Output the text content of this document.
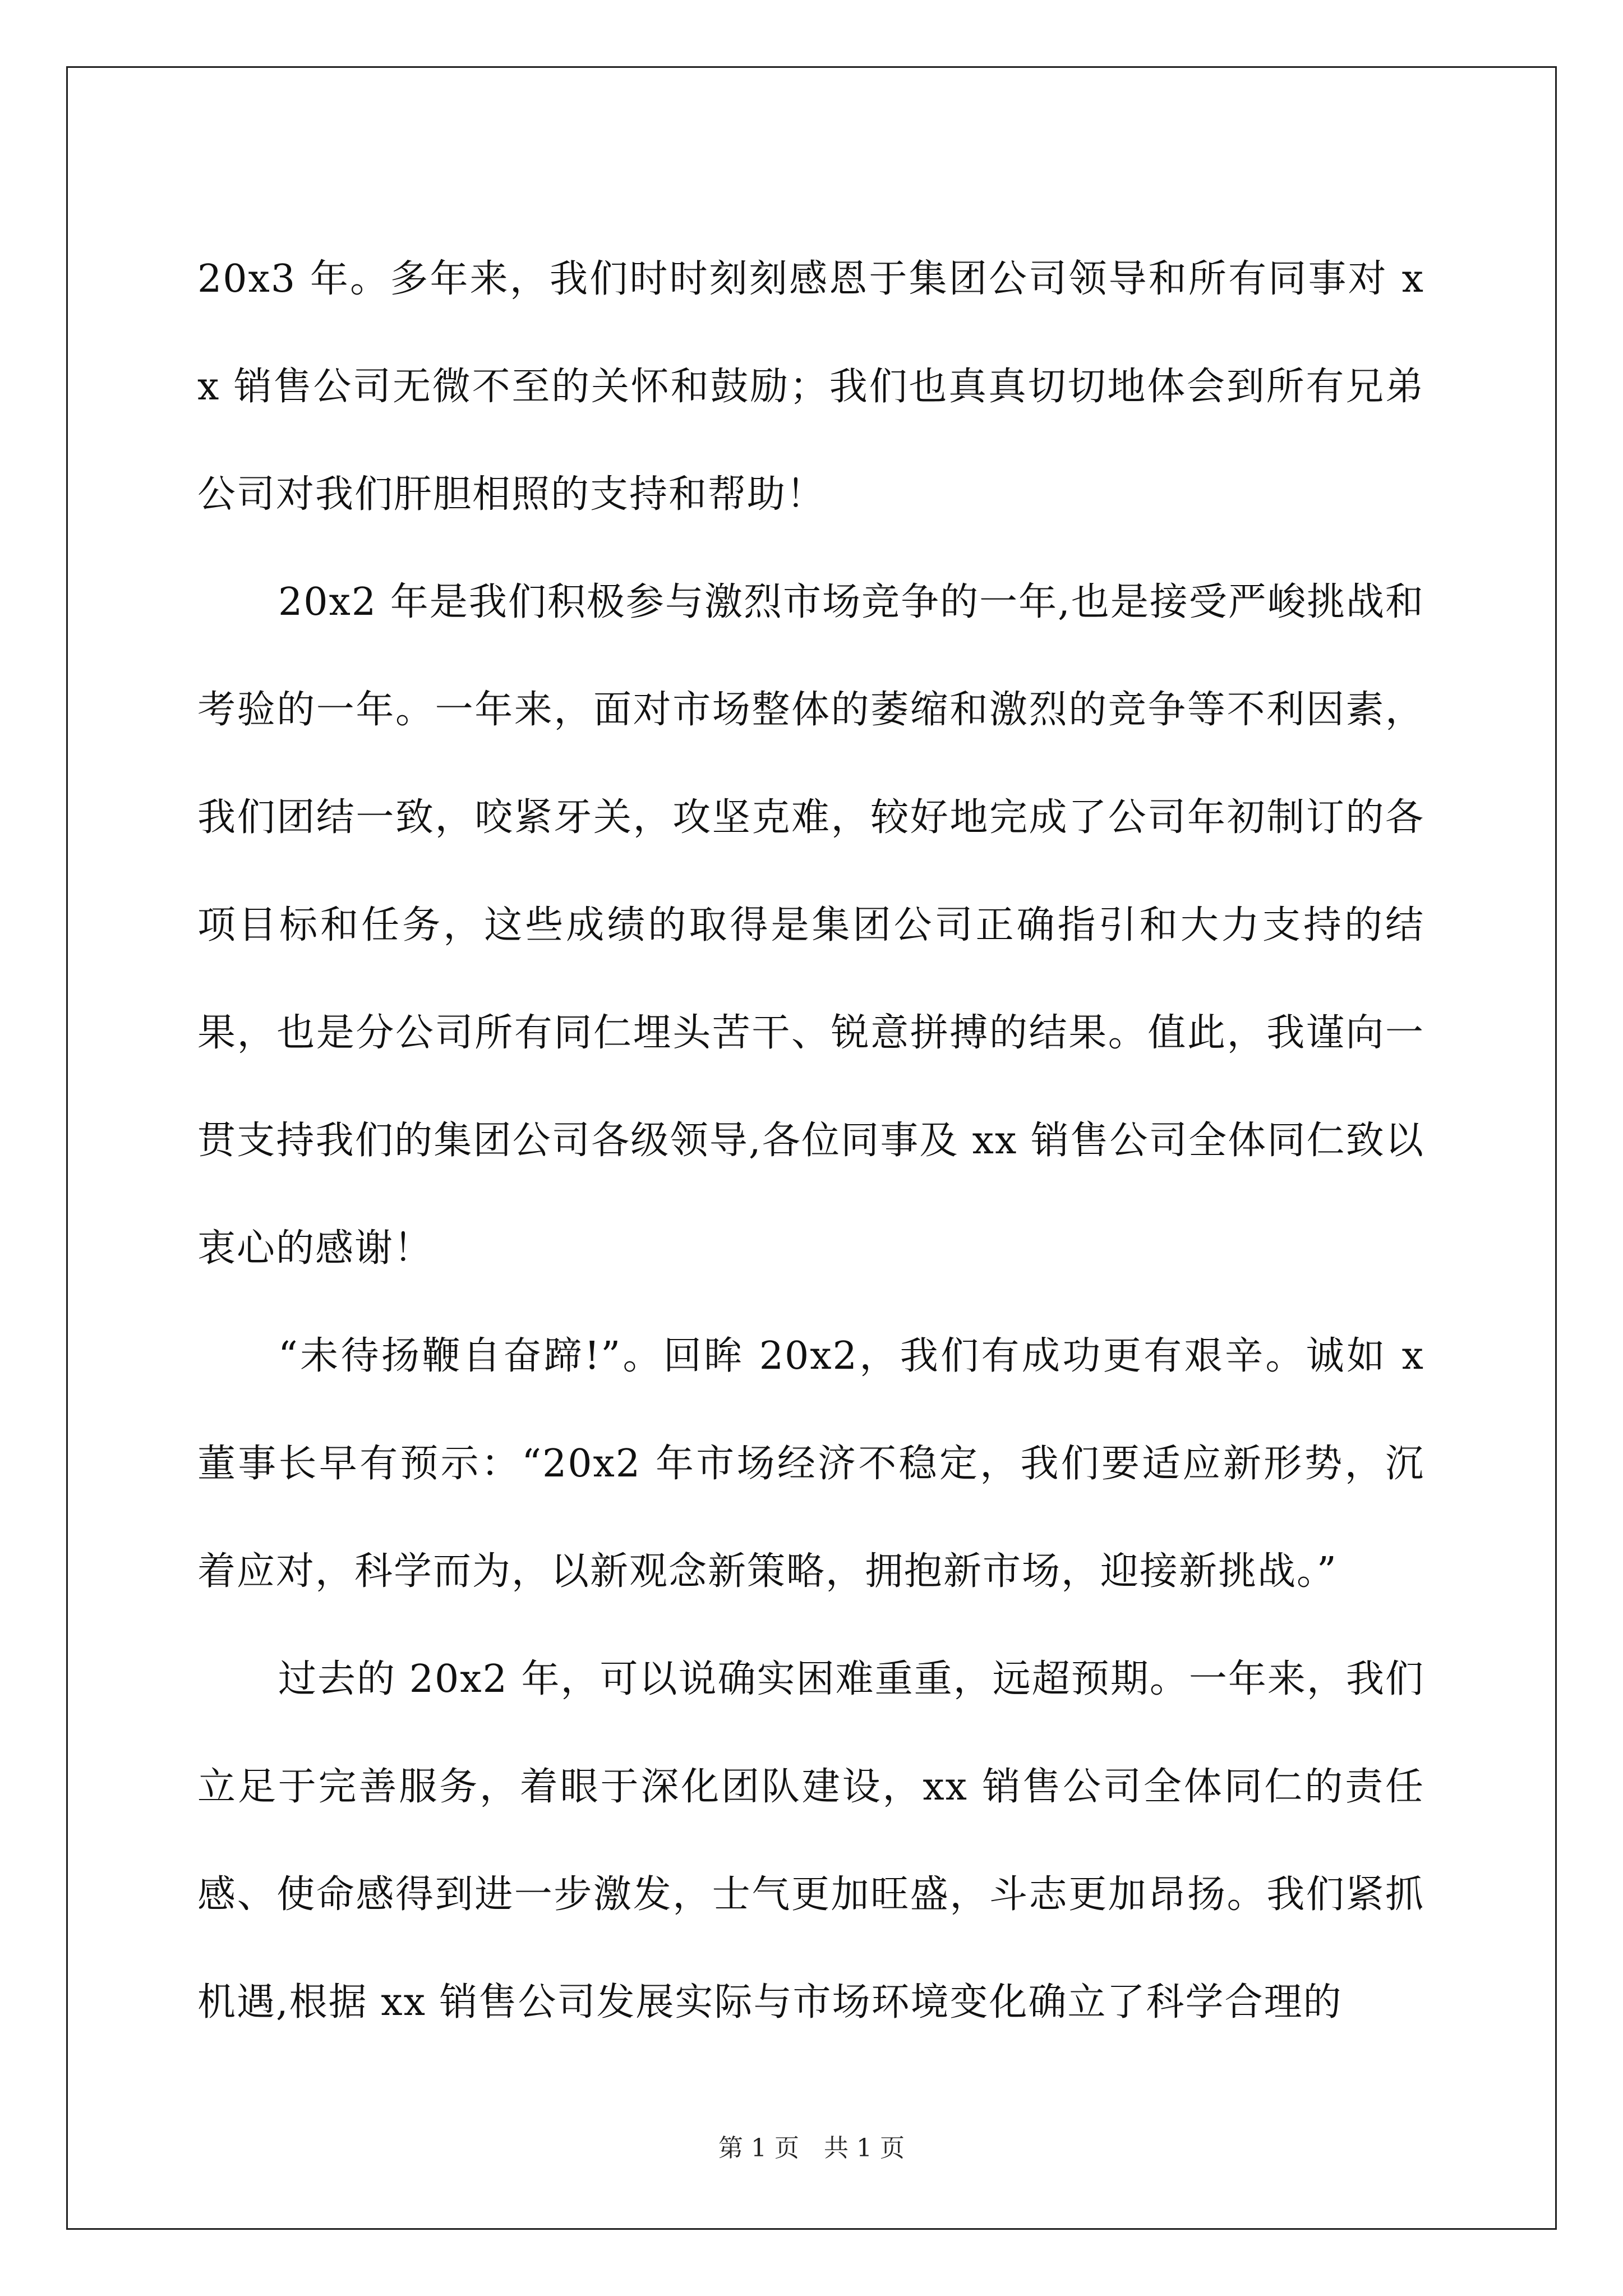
20x3 年。多年来，我们时时刻刻感恩于集团公司领导和所有同事对 xx 销售公司无微不至的关怀和鼓励；我们也真真切切地体会到所有兄弟公司对我们肝胆相照的支持和帮助！

20x2 年是我们积极参与激烈市场竞争的一年,也是接受严峻挑战和考验的一年。一年来，面对市场整体的萎缩和激烈的竞争等不利因素，我们团结一致，咬紧牙关，攻坚克难，较好地完成了公司年初制订的各项目标和任务，这些成绩的取得是集团公司正确指引和大力支持的结果，也是分公司所有同仁埋头苦干、锐意拼搏的结果。值此，我谨向一贯支持我们的集团公司各级领导,各位同事及 xx 销售公司全体同仁致以衷心的感谢！

“未待扬鞭自奋蹄!”。回眸 20x2，我们有成功更有艰辛。诚如 x 董事长早有预示：“20x2 年市场经济不稳定，我们要适应新形势，沉着应对，科学而为，以新观念新策略，拥抱新市场，迎接新挑战。”

过去的 20x2 年，可以说确实困难重重，远超预期。一年来，我们立足于完善服务，着眼于深化团队建设，xx 销售公司全体同仁的责任感、使命感得到进一步激发，士气更加旺盛，斗志更加昂扬。我们紧抓机遇,根据 xx 销售公司发展实际与市场环境变化确立了科学合理的

第 1 页　共 1 页
